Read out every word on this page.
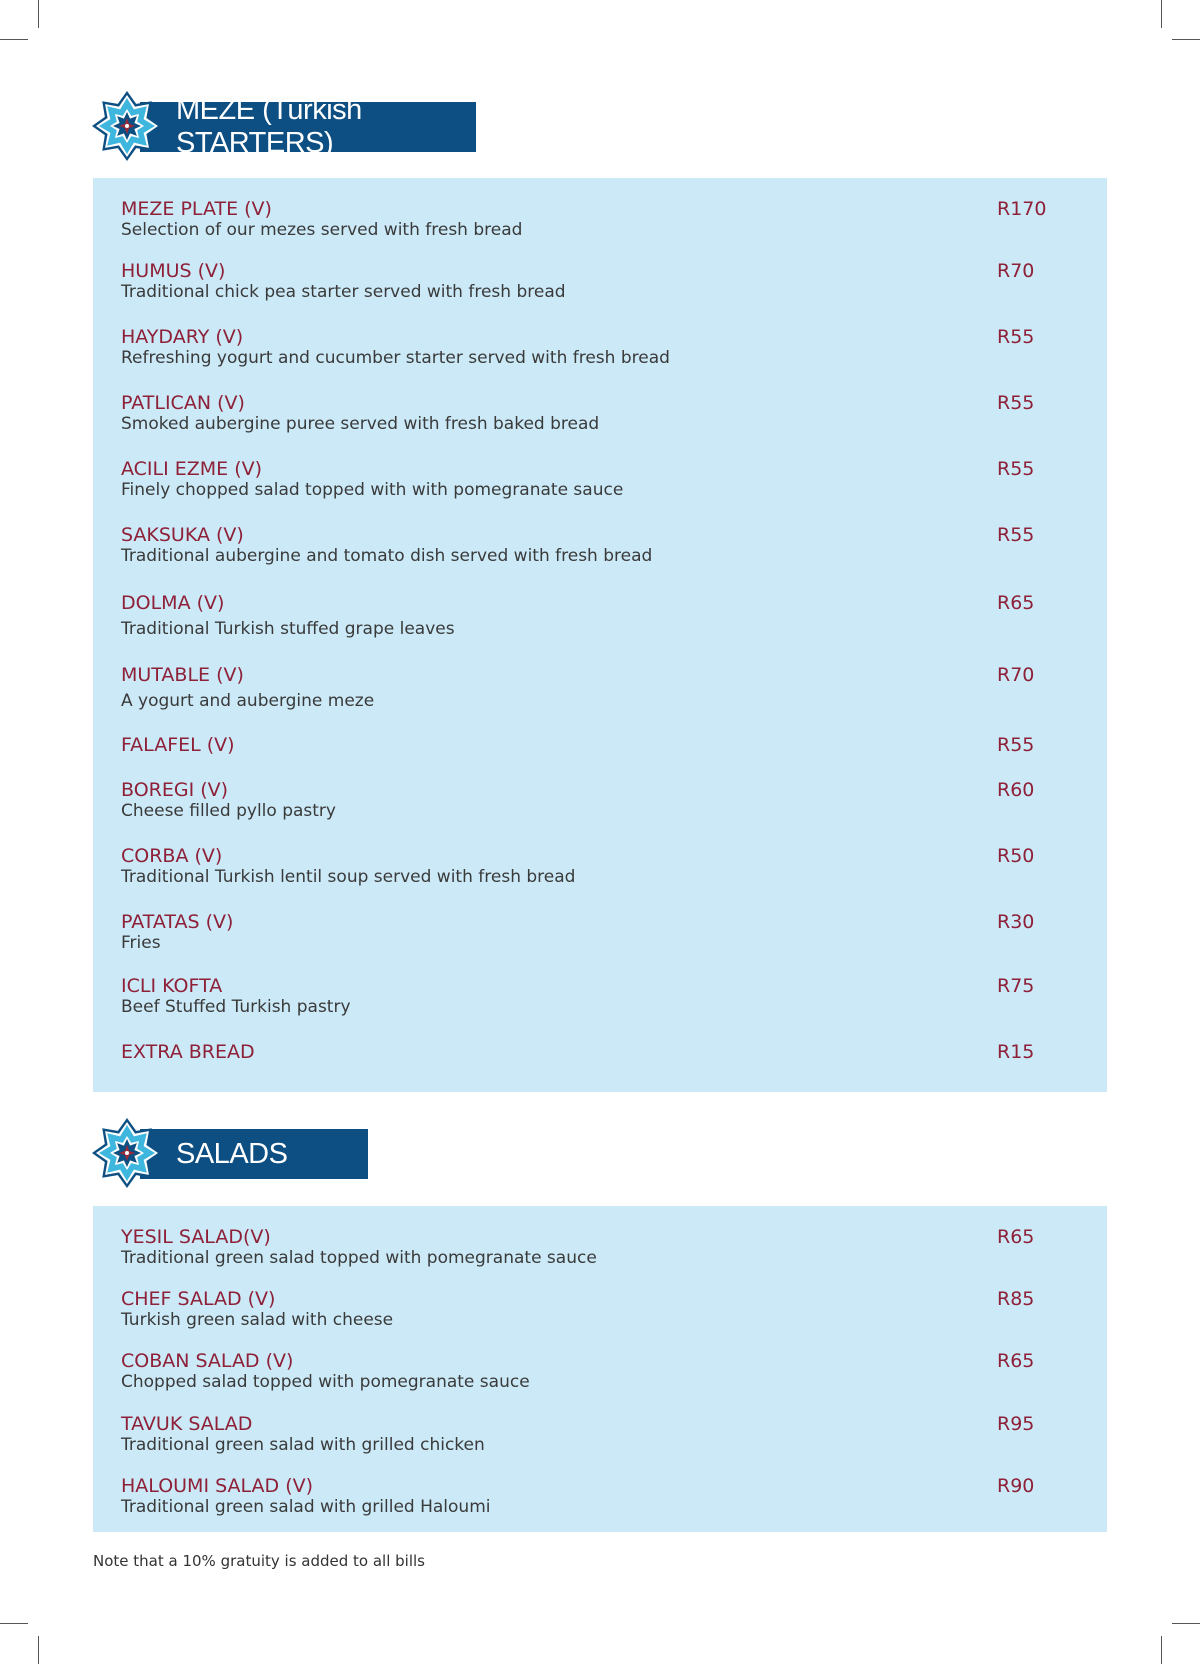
MEZE (Turkish STARTERS)
MEZE PLATE (V)
Selection of our mezes served with fresh bread
R170
HUMUS (V)
Traditional chick pea starter served with fresh bread
R70
HAYDARY (V)
Refreshing yogurt and cucumber starter served with fresh bread
R55
PATLICAN (V)
Smoked aubergine puree served with fresh baked bread
R55
ACILI EZME (V)
Finely chopped salad topped with with pomegranate sauce
R55
SAKSUKA (V)
Traditional aubergine and tomato dish served with fresh bread
R55
DOLMA (V)
Traditional Turkish stuffed grape leaves
R65
MUTABLE (V)
A yogurt and aubergine meze
R70
FALAFEL (V)	R55
BOREGI (V)
Cheese filled pyllo pastry
R60
CORBA (V)
Traditional Turkish lentil soup served with fresh bread
R50
PATATAS (V)
Fries
R30
ICLI KOFTA
Beef Stuffed Turkish pastry
R75
EXTRA BREAD	R15
SALADS
YESIL SALAD(V)
Traditional green salad topped with pomegranate sauce
R65
CHEF SALAD (V)
Turkish green salad with cheese
R85
COBAN SALAD (V)
Chopped salad topped with pomegranate sauce
R65
TAVUK SALAD
Traditional green salad with grilled chicken
R95
HALOUMI SALAD (V)
Traditional green salad with grilled Haloumi
R90
Note that a 10% gratuity is added to all bills
